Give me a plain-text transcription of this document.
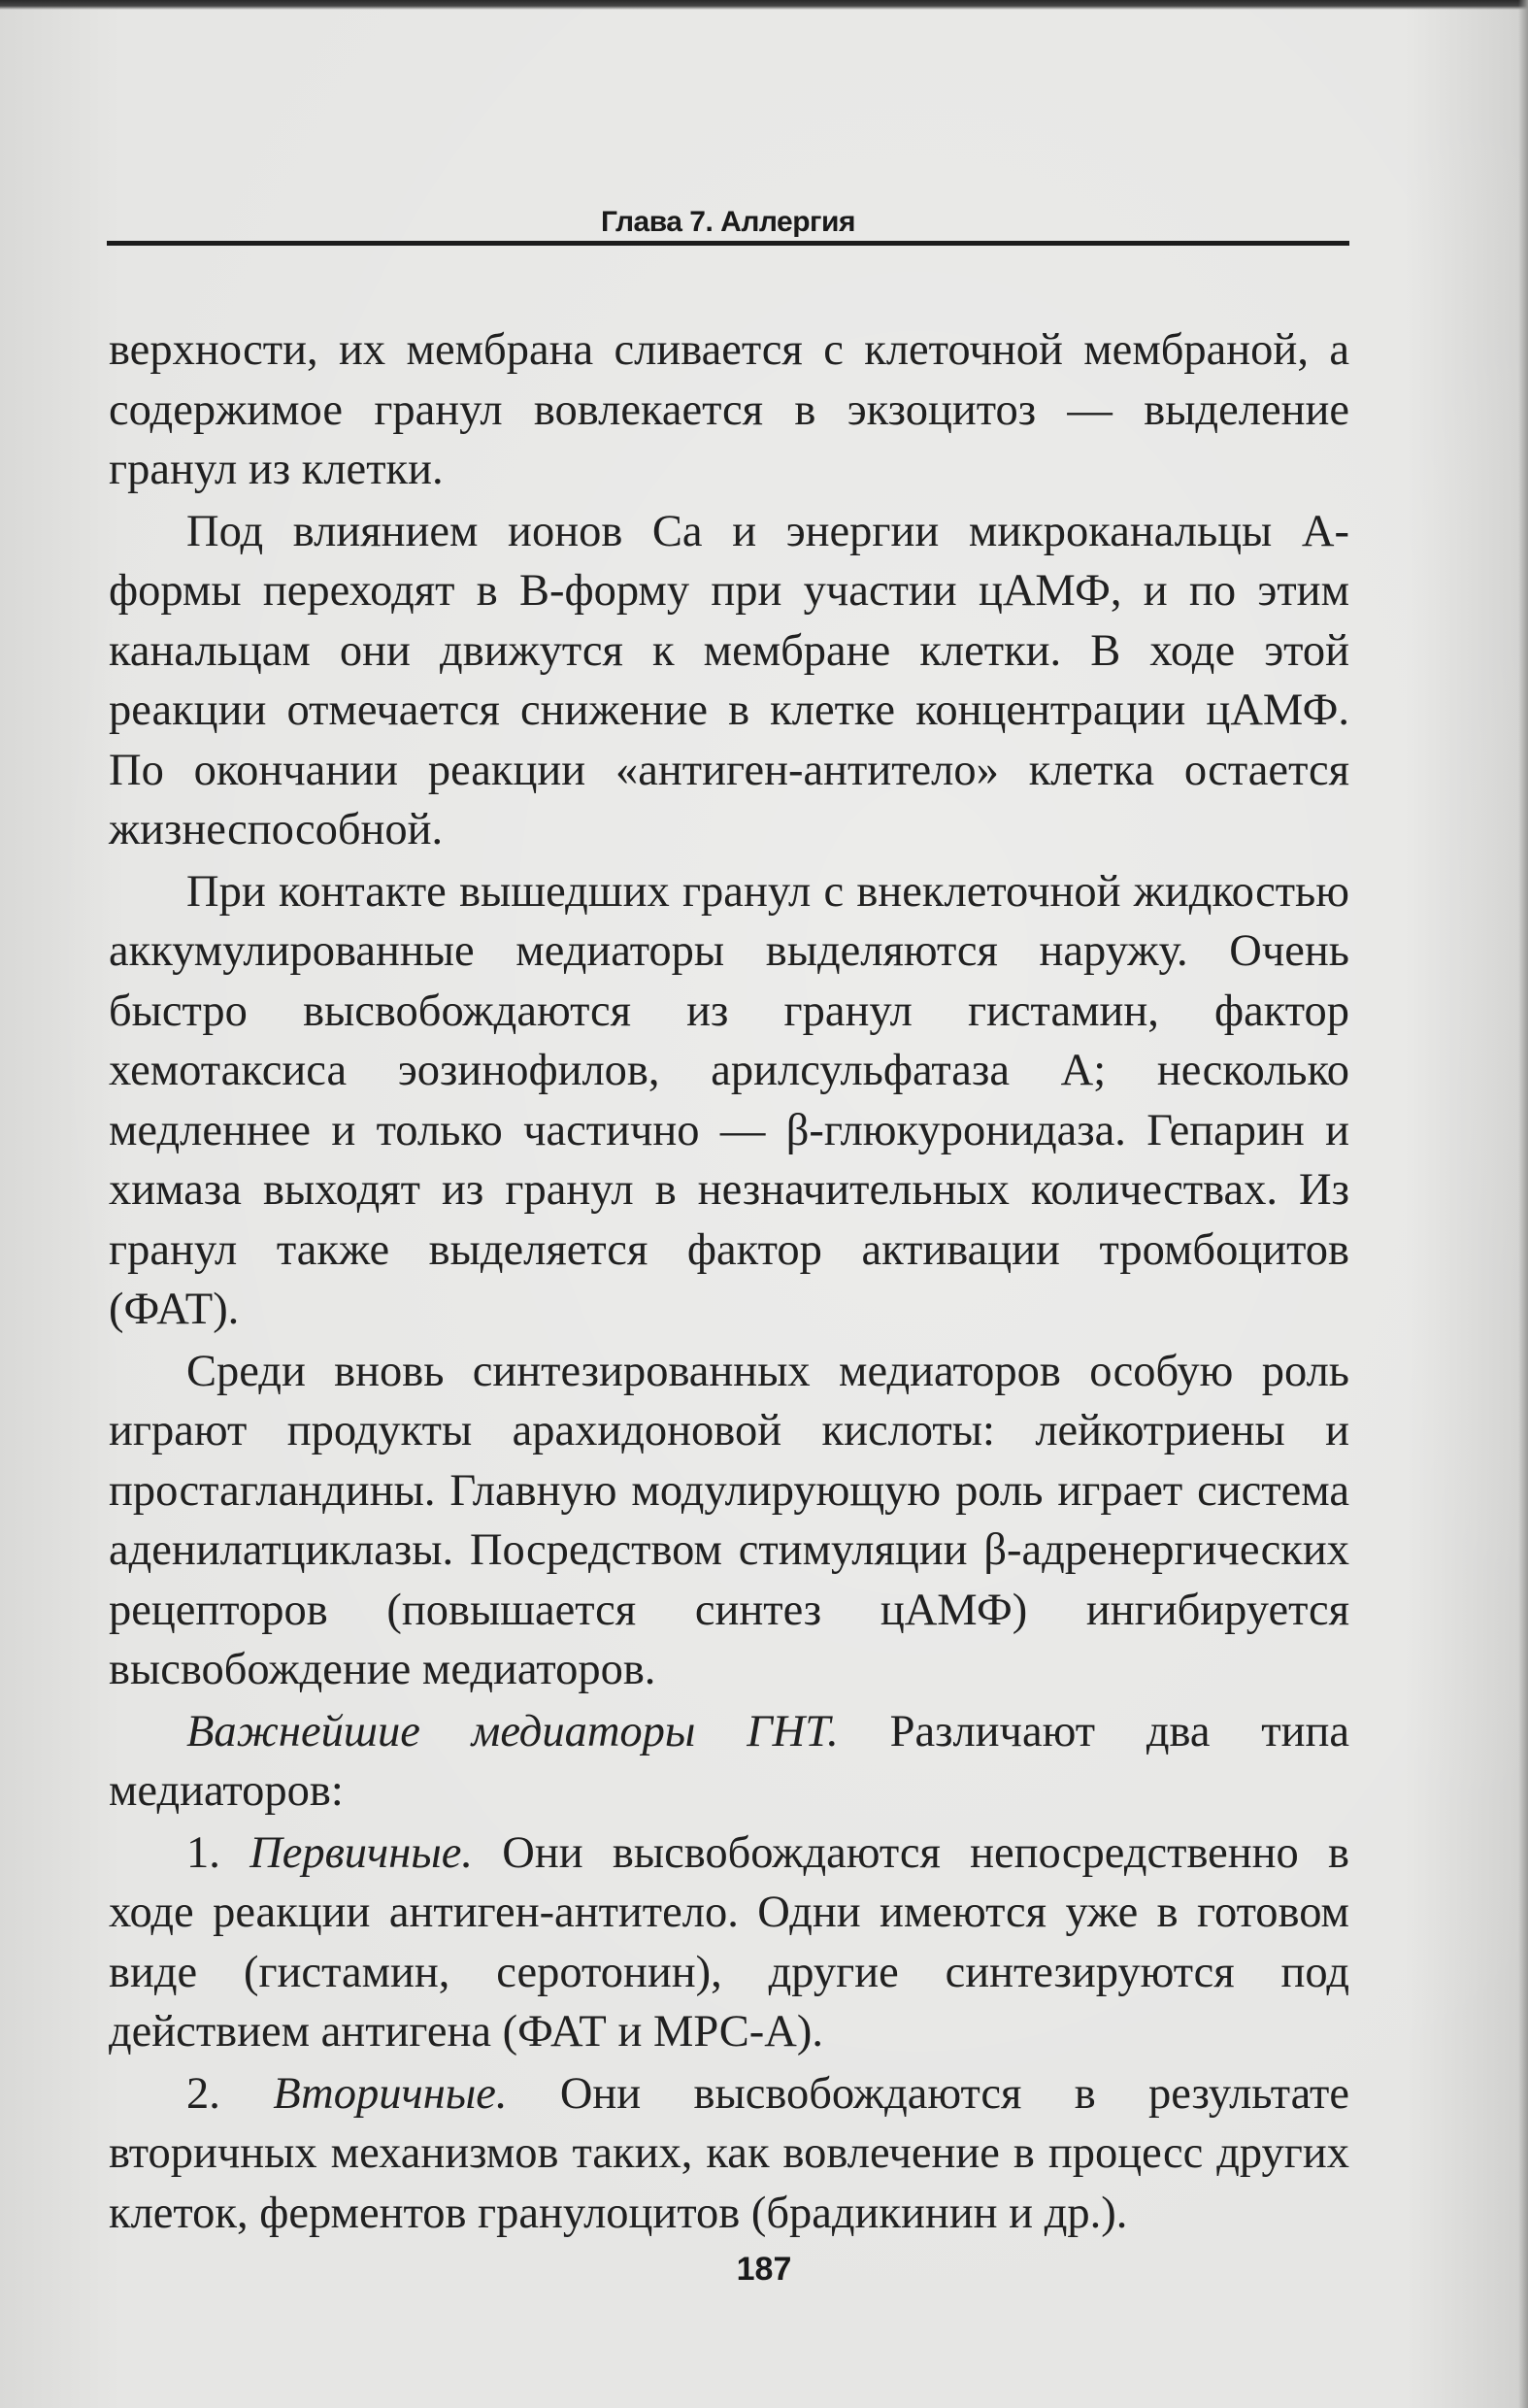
Глава 7. Аллергия

верхности, их мембрана сливается с клеточной мембраной, а содержимое гранул вовлекается в экзоцитоз — выделение гранул из клетки.

Под влиянием ионов Ca и энергии микроканальцы А-формы переходят в В-форму при участии цАМФ, и по этим канальцам они движутся к мембране клетки. В ходе этой реакции отмечается снижение в клетке концентрации цАМФ. По окончании реакции «антиген-антитело» клетка остается жизнеспособной.

При контакте вышедших гранул с внеклеточной жидкостью аккумулированные медиаторы выделяются наружу. Очень быстро высвобождаются из гранул гистамин, фактор хемотаксиса эозинофилов, арилсульфатаза А; несколько медленнее и только частично — β-глюкуронидаза. Гепарин и химаза выходят из гранул в незначительных количествах. Из гранул также выделяется фактор активации тромбоцитов (ФАТ).

Среди вновь синтезированных медиаторов особую роль играют продукты арахидоновой кислоты: лейкотриены и простагландины. Главную модулирующую роль играет система аденилатциклазы. Посредством стимуляции β-адренергических рецепторов (повышается синтез цАМФ) ингибируется высвобождение медиаторов.

Важнейшие медиаторы ГНТ. Различают два типа медиаторов:

1. Первичные. Они высвобождаются непосредственно в ходе реакции антиген-антитело. Одни имеются уже в готовом виде (гистамин, серотонин), другие синтезируются под действием антигена (ФАТ и МРС-А).

2. Вторичные. Они высвобождаются в результате вторичных механизмов таких, как вовлечение в процесс других клеток, ферментов гранулоцитов (брадикинин и др.).

187
